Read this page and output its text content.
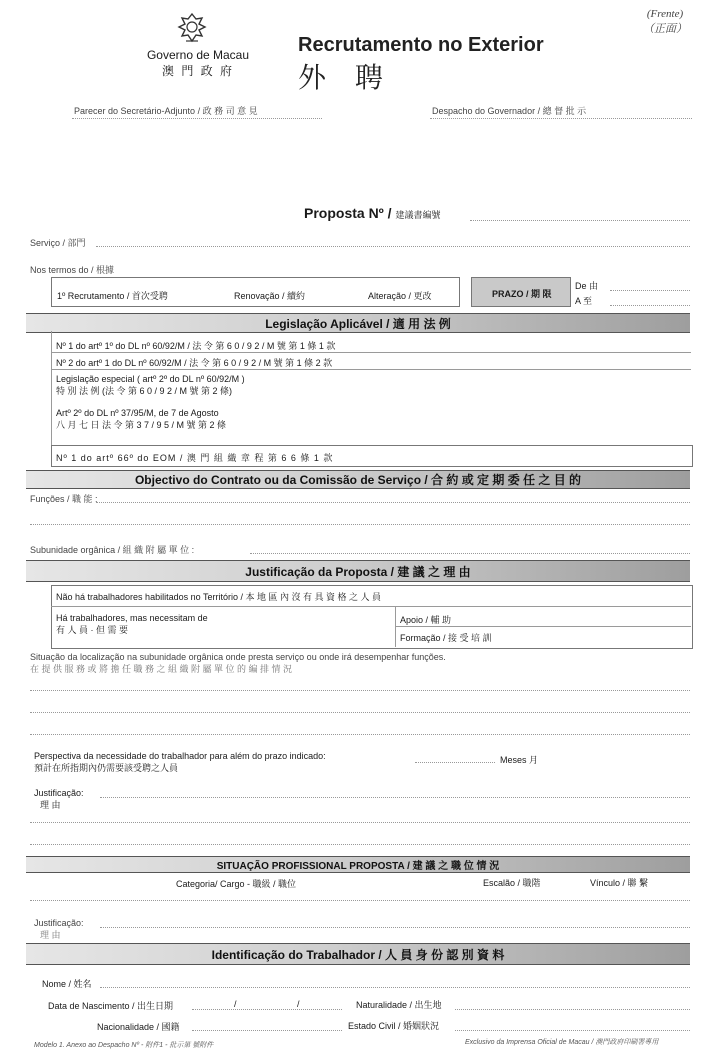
(Frente)
（正面）
Governo de Macau
澳 門 政 府
Recrutamento no Exterior
外 聘
Parecer do Secretário-Adjunto / 政 務 司 意 見	Despacho do Governador / 總 督 批 示
Proposta Nº / 建議書編號
Serviço / 部門
Nos termos do / 根據
1º Recrutamento / 首次受聘	Renovação / 續約	Alteração / 更改	PRAZO / 期 限
De 由
A 至
Legislação Aplicável / 適 用 法 例
Nº 1 do artº 1º do DL nº 60/92/M / 法 令 第 6 0 / 9 2 / M 號 第 1 條 1 款
Nº 2 do artº 1 do DL nº 60/92/M / 法 令 第 6 0 / 9 2 / M 號 第 1 條 2 款
Legislação especial ( artº 2º do DL nº 60/92/M )
特 別 法 例 (法 令 第 6 0 / 9 2 / M 號 第 2 條)
Artº 2º do DL nº 37/95/M, de 7 de Agosto
八 月 七 日 法 令 第 3 7 / 9 5 / M 號 第 2 條
Nº 1 do artº 66º do EOM / 澳 門 組 織 章 程 第 6 6 條 1 款
Objectivo do Contrato ou da Comissão de Serviço / 合 約 或 定 期 委 任 之 目 的
Funções / 職 能 :
Subunidade orgânica / 組 織 附 屬 單 位 :
Justificação da Proposta / 建 議 之 理 由
Não há trabalhadores habilitados no Território / 本 地 區 內 沒 有 具 資 格 之 人 員
Há trabalhadores, mas necessitam de
有 人 員 · 但 需 要
Apoio / 輔 助
Formação / 接 受 培 訓
Situação da localização na subunidade orgânica onde presta serviço ou onde irá desempenhar funções.
在 提 供 服 務 或 將 擔 任 職 務 之 組 織 附 屬 單 位 的 編 排 情 況
Perspectiva da necessidade do trabalhador para além do prazo indicado:
預計在所指期內仍需要該受聘之人員
Meses 月
Justificação:
理 由
SITUAÇÃO PROFISSIONAL PROPOSTA / 建 議 之 職 位 情 況
Categoria/ Cargo - 職級 / 職位	Escalão / 職階	Vínculo / 聯 繫
Justificação:
理 由
Identificação do Trabalhador / 人 員 身 份 認 別 資 料
Nome / 姓名
Data de Nascimento / 出生日期	/	/	Naturalidade / 出生地
Nacionalidade / 國籍	Estado Civil / 婚姻狀況
Modelo 1. Anexo ao Despacho Nº - 附件1 - 批示第 號附件	Exclusivo da Imprensa Oficial de Macau / 澳門政府印刷署專用
